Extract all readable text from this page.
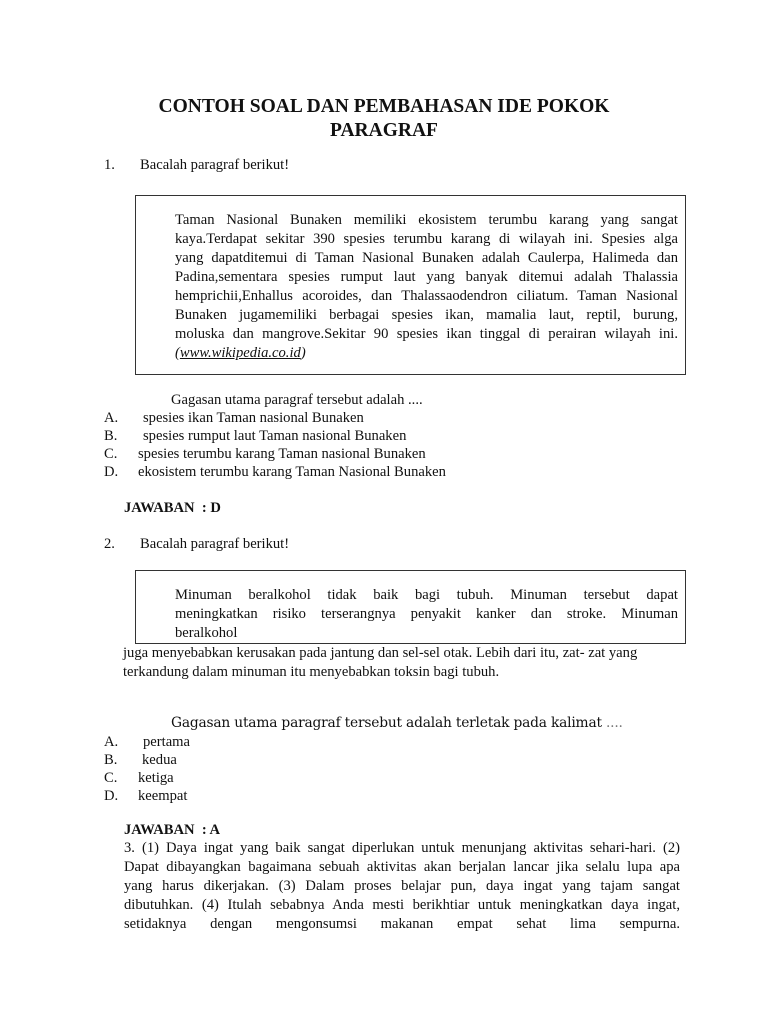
CONTOH SOAL DAN PEMBAHASAN IDE POKOK
PARAGRAF
1. Bacalah paragraf berikut!
Taman Nasional Bunaken memiliki ekosistem terumbu karang yang sangat
kaya.Terdapat sekitar 390 spesies terumbu karang di wilayah ini. Spesies alga
yang dapatditemui di Taman Nasional Bunaken adalah Caulerpa, Halimeda dan
Padina,sementara spesies rumput laut yang banyak ditemui adalah Thalassia
hemprichii,Enhallus acoroides, dan Thalassaodendron ciliatum. Taman Nasional
Bunaken jugamemiliki berbagai spesies ikan, mamalia laut, reptil, burung,
moluska dan mangrove.Sekitar 90 spesies ikan tinggal di perairan wilayah ini.
(www.wikipedia.co.id)
Gagasan utama paragraf tersebut adalah ....
A. spesies ikan Taman nasional Bunaken
B. spesies rumput laut Taman nasional Bunaken
C. spesies terumbu karang Taman nasional Bunaken
D. ekosistem terumbu karang Taman Nasional Bunaken
JAWABAN  : D
2. Bacalah paragraf berikut!
Minuman beralkohol tidak baik bagi tubuh. Minuman tersebut dapat
meningkatkan risiko terserangnya penyakit kanker dan stroke. Minuman
beralkohol
juga menyebabkan kerusakan pada jantung dan sel-sel otak. Lebih dari itu, zat- zat yang
terkandung dalam minuman itu menyebabkan toksin bagi tubuh.
Gagasan utama paragraf tersebut adalah terletak pada kalimat ....
A. pertama
B. kedua
C. ketiga
D. keempat
JAWABAN  : A
3. (1) Daya ingat yang baik sangat diperlukan untuk menunjang aktivitas sehari-hari. (2)
Dapat dibayangkan bagaimana sebuah aktivitas akan berjalan lancar jika selalu lupa apa
yang harus dikerjakan. (3) Dalam proses belajar pun, daya ingat yang tajam sangat
dibutuhkan. (4) Itulah sebabnya Anda mesti berikhtiar untuk meningkatkan daya ingat,
setidaknya dengan mengonsumsi makanan empat sehat lima sempurna.
